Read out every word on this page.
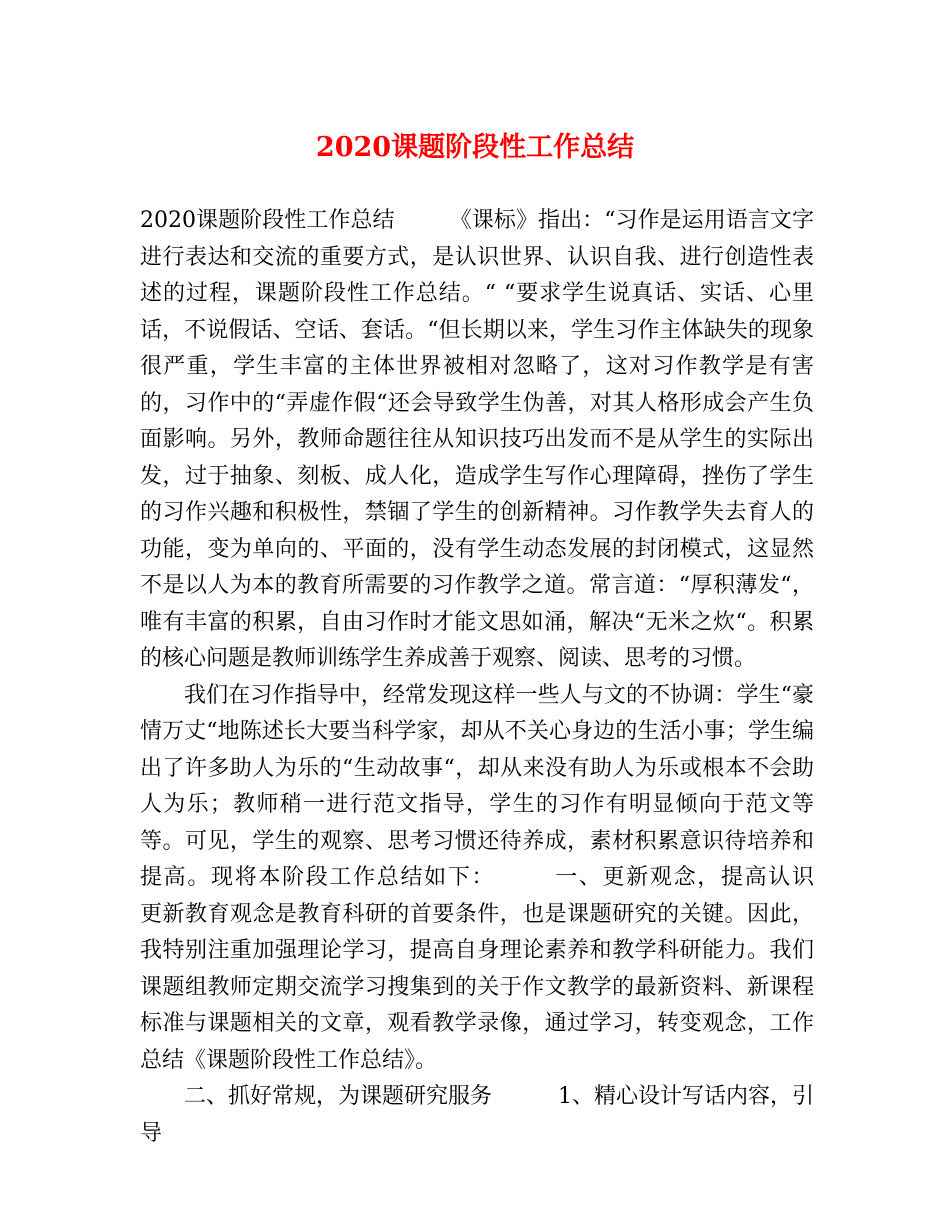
2020课题阶段性工作总结

2020课题阶段性工作总结　　　《课标》指出：“习作是运用语言文字进行表达和交流的重要方式，是认识世界、认识自我、进行创造性表述的过程，课题阶段性工作总结。“ “要求学生说真话、实话、心里话，不说假话、空话、套话。“但长期以来，学生习作主体缺失的现象很严重，学生丰富的主体世界被相对忽略了，这对习作教学是有害的，习作中的“弄虚作假“还会导致学生伪善，对其人格形成会产生负面影响。另外，教师命题往往从知识技巧出发而不是从学生的实际出发，过于抽象、刻板、成人化，造成学生写作心理障碍，挫伤了学生的习作兴趣和积极性，禁锢了学生的创新精神。习作教学失去育人的功能，变为单向的、平面的，没有学生动态发展的封闭模式，这显然不是以人为本的教育所需要的习作教学之道。常言道：“厚积薄发“，唯有丰富的积累，自由习作时才能文思如涌，解决“无米之炊“。积累的核心问题是教师训练学生养成善于观察、阅读、思考的习惯。

我们在习作指导中，经常发现这样一些人与文的不协调：学生“豪情万丈“地陈述长大要当科学家，却从不关心身边的生活小事；学生编出了许多助人为乐的“生动故事“，却从来没有助人为乐或根本不会助人为乐；教师稍一进行范文指导，学生的习作有明显倾向于范文等等。可见，学生的观察、思考习惯还待养成，素材积累意识待培养和提高。现将本阶段工作总结如下：　　　一、更新观念，提高认识　　　更新教育观念是教育科研的首要条件，也是课题研究的关键。因此，我特别注重加强理论学习，提高自身理论素养和教学科研能力。我们课题组教师定期交流学习搜集到的关于作文教学的最新资料、新课程标准与课题相关的文章，观看教学录像，通过学习，转变观念，工作总结《课题阶段性工作总结》。

二、抓好常规，为课题研究服务　　　1、精心设计写话内容，引导
